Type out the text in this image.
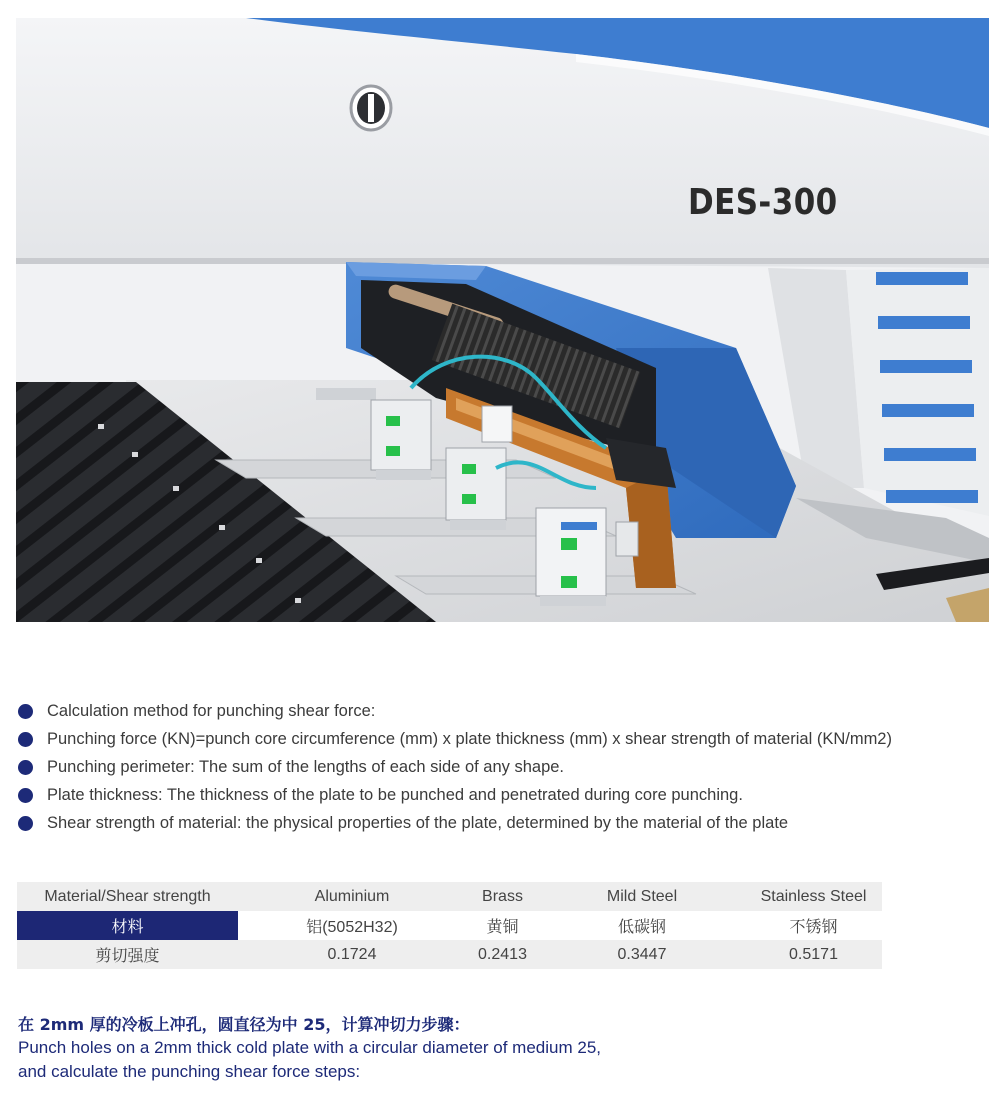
DES-300
Calculation method for punching shear force:
Punching force (KN)=punch core circumference (mm) x plate thickness (mm) x shear strength of material (KN/mm2)
Punching perimeter: The sum of the lengths of each side of any shape.
Plate thickness: The thickness of the plate to be punched and penetrated during core punching.
Shear strength of material: the physical properties of the plate, determined by the material of the plate
Material/Shear strength	Aluminium	Brass	Mild Steel	Stainless Steel
材料	铝(5052H32)	黄铜	低碳钢	不锈钢
剪切强度	0.1724	0.2413	0.3447	0.5171
在 2mm 厚的冷板上冲孔，圆直径为中 25，计算冲切力步骤：
Punch holes on a 2mm thick cold plate with a circular diameter of medium 25,
and calculate the punching shear force steps:
